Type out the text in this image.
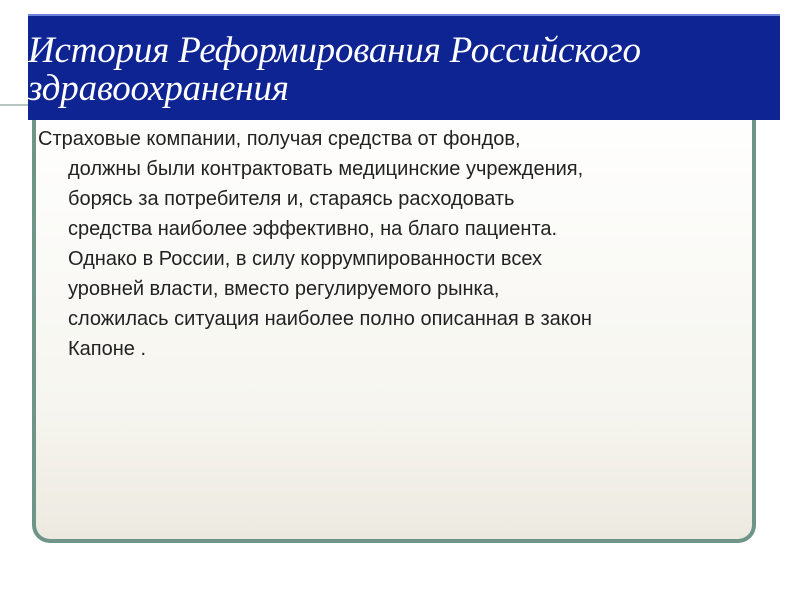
История Реформирования Российского
здравоохранения

Страховые компании, получая средства от фондов,
должны были контрактовать медицинские учреждения,
борясь за потребителя и, стараясь расходовать
средства наиболее эффективно, на благо пациента.
Однако в России, в силу коррумпированности всех
уровней власти, вместо регулируемого рынка,
сложилась ситуация наиболее полно описанная в закон
Капоне .
